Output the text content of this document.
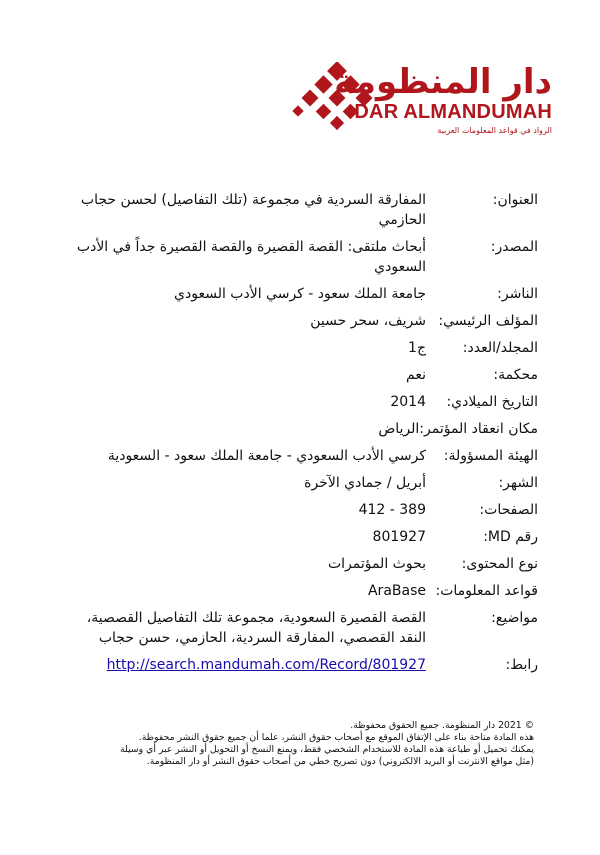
دار المنظومة
DAR ALMANDUMAH
الرواد في قواعد المعلومات العربية
العنوان:
المفارقة السردية في مجموعة (تلك التفاصيل) لحسن حجاب الحازمي
المصدر:
أبحاث ملتقى: القصة القصيرة والقصة القصيرة جداً في الأدب السعودي
الناشر:
جامعة الملك سعود - كرسي الأدب السعودي
المؤلف الرئيسي:
شريف، سحر حسين
المجلد/العدد:
ج1
محكمة:
نعم
التاريخ الميلادي:
2014
مكان انعقاد المؤتمر:
الرياض
الهيئة المسؤولة:
كرسي الأدب السعودي - جامعة الملك سعود - السعودية
الشهر:
أبريل / جمادي الآخرة
الصفحات:
389 - 412
رقم MD:
801927
نوع المحتوى:
بحوث المؤتمرات
قواعد المعلومات:
AraBase
مواضيع:
القصة القصيرة السعودية، مجموعة تلك التفاصيل القصصية، النقد القصصي، المفارقة السردية، الحازمي، حسن حجاب
رابط:
http://search.mandumah.com/Record/801927
© 2021 دار المنظومة. جميع الحقوق محفوظة.
هذه المادة متاحة بناء على الإتفاق الموقع مع أصحاب حقوق النشر، علما أن جميع حقوق النشر محفوظة.
يمكنك تحميل أو طباعة هذه المادة للاستخدام الشخصي فقط، ويمنع النسخ أو التحويل أو النشر عبر أي وسيلة
(مثل مواقع الانترنت أو البريد الالكتروني) دون تصريح خطي من أصحاب حقوق النشر أو دار المنظومة.
